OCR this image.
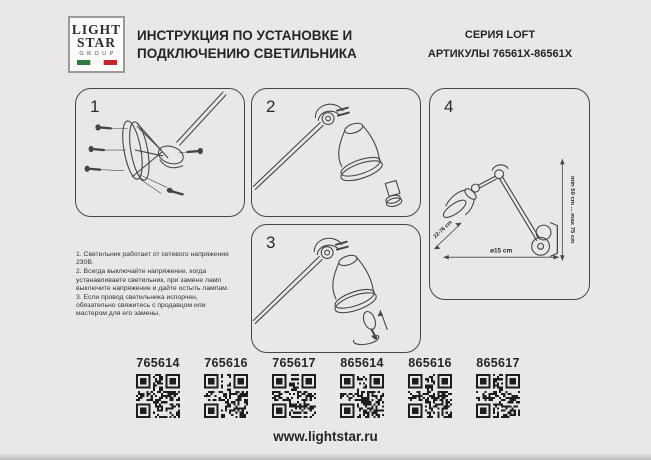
LIGHT
STAR
GROUP
ИНСТРУКЦИЯ ПО УСТАНОВКЕ И
ПОДКЛЮЧЕНИЮ СВЕТИЛЬНИКА
СЕРИЯ LOFT
АРТИКУЛЫ 76561X-86561X
1	2
3
4
min 50 cm ... max 75 cm
ø15 cm
22-76 cm

1. Светильник работает от сетевого напряжения 230В.

2. Всегда выключайте напряжение, когда устанавливаете светильник, при замене ламп выключите напряжение и дайте остыть лампам.

3. Если провод светильника испорчен, обязательно свяжитесь с продавцом или мастером для его замены.

765614	765616	765617	865614	865616	865617
www.lightstar.ru
